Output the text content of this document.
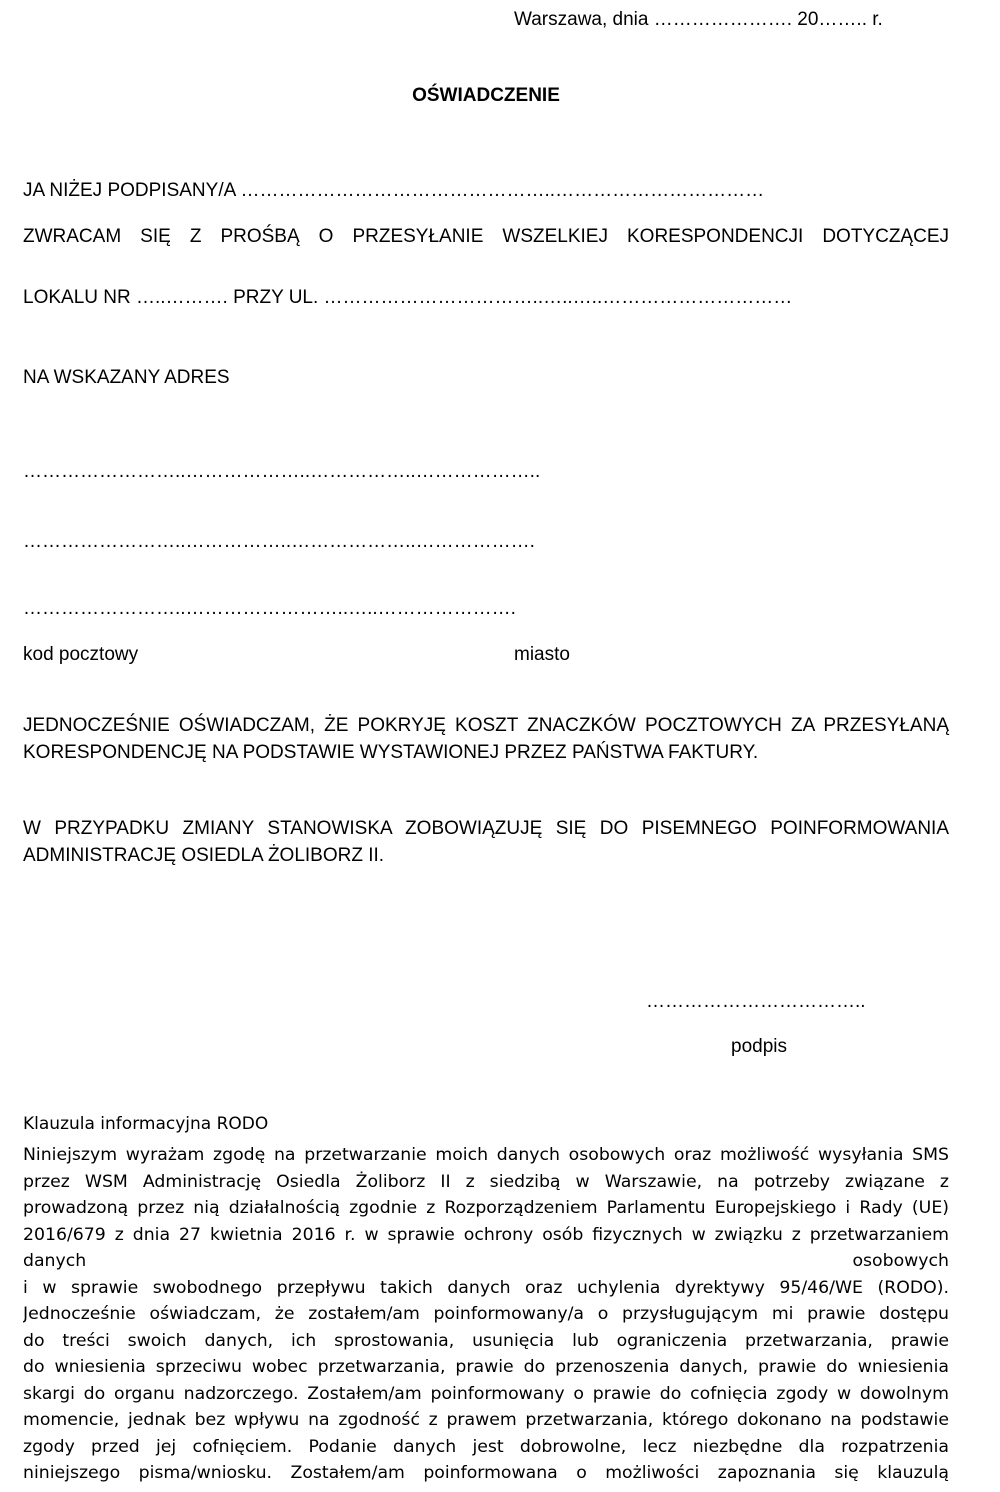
Warszawa, dnia …………………. 20…….. r.
OŚWIADCZENIE
JA NIŻEJ PODPISANY/A …………………………………………..……………………………
ZWRACAM SIĘ Z PROŚBĄ O PRZESYŁANIE WSZELKIEJ KORESPONDENCJI DOTYCZĄCEJ
LOKALU NR …..………. PRZY UL. ……………………………..…..…..…………………………
NA WSKAZANY ADRES
……………………..………………..……………..………………..
……………………..……………..………………..……………….
……………………..……………………..…..………………….
kod pocztowy	miasto
JEDNOCZEŚNIE OŚWIADCZAM, ŻE POKRYJĘ KOSZT ZNACZKÓW POCZTOWYCH ZA PRZESYŁANĄ KORESPONDENCJĘ NA PODSTAWIE WYSTAWIONEJ PRZEZ PAŃSTWA FAKTURY.
W PRZYPADKU ZMIANY STANOWISKA ZOBOWIĄZUJĘ SIĘ DO PISEMNEGO POINFORMOWANIA ADMINISTRACJĘ OSIEDLA ŻOLIBORZ II.
……………………………..
podpis
Klauzula informacyjna RODO
Niniejszym wyrażam zgodę na przetwarzanie moich danych osobowych oraz możliwość wysyłania SMS
przez WSM Administrację Osiedla Żoliborz II z siedzibą w Warszawie, na potrzeby związane z
prowadzoną przez nią działalnością zgodnie z Rozporządzeniem Parlamentu Europejskiego i Rady (UE)
2016/679 z dnia 27 kwietnia 2016 r. w sprawie ochrony osób fizycznych w związku z przetwarzaniem
danych osobowych
i w sprawie swobodnego przepływu takich danych oraz uchylenia dyrektywy 95/46/WE (RODO).
Jednocześnie oświadczam, że zostałem/am poinformowany/a o przysługującym mi prawie dostępu
do treści swoich danych, ich sprostowania, usunięcia lub ograniczenia przetwarzania, prawie
do wniesienia sprzeciwu wobec przetwarzania, prawie do przenoszenia danych, prawie do wniesienia
skargi do organu nadzorczego. Zostałem/am poinformowany o prawie do cofnięcia zgody w dowolnym
momencie, jednak bez wpływu na zgodność z prawem przetwarzania, którego dokonano na podstawie
zgody przed jej cofnięciem. Podanie danych jest dobrowolne, lecz niezbędne dla rozpatrzenia
niniejszego pisma/wniosku. Zostałem/am poinformowana o możliwości zapoznania się klauzulą
